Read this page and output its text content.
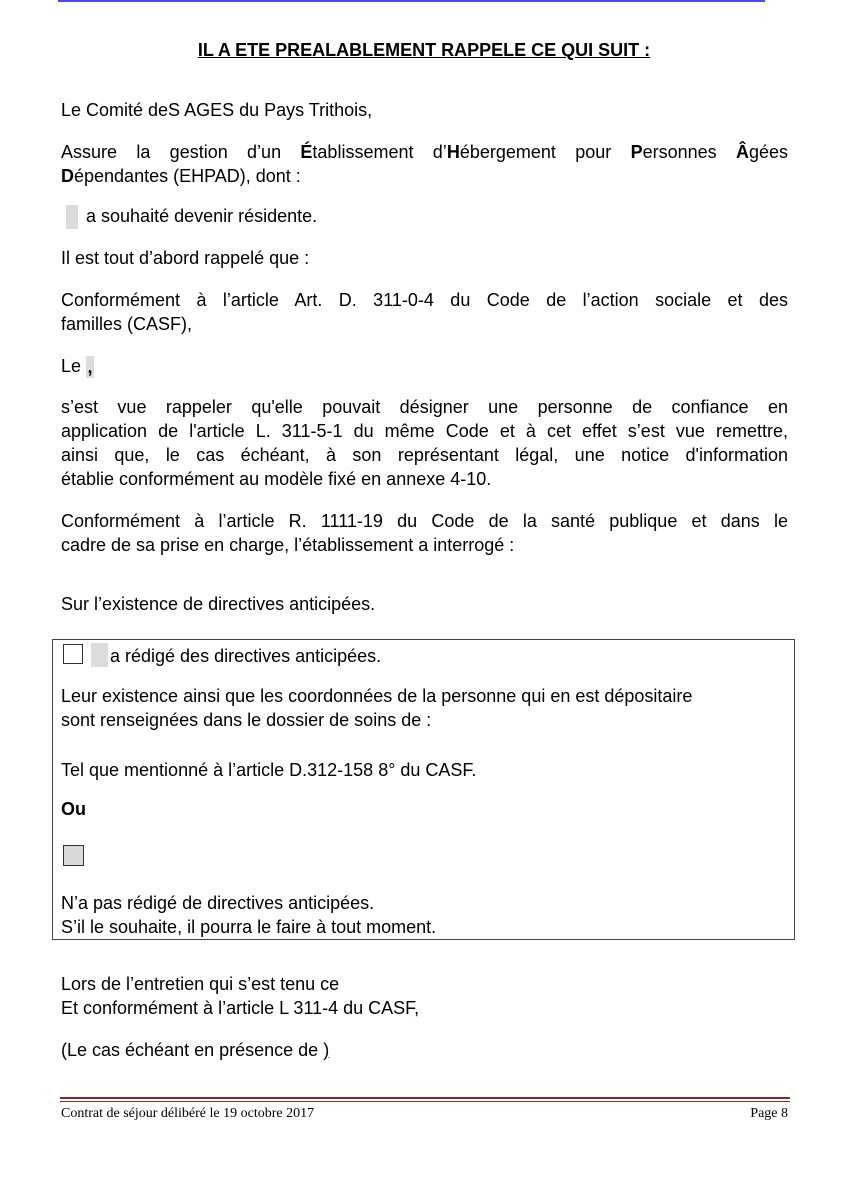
IL A ETE PREALABLEMENT RAPPELE CE QUI SUIT :
Le Comité deS AGES du Pays Trithois,
Assure la gestion d’un Établissement d’Hébergement pour Personnes Âgées
Dépendantes (EHPAD), dont :
a souhaité devenir résidente.
Il est tout d’abord rappelé que :
Conformément à l’article Art. D. 311-0-4 du Code de l’action sociale et des
familles (CASF),
Le ,
s’est vue rappeler qu'elle pouvait désigner une personne de confiance en
application de l'article L. 311-5-1 du même Code et à cet effet s’est vue remettre,
ainsi que, le cas échéant, à son représentant légal, une notice d'information
établie conformément au modèle fixé en annexe 4-10.
Conformément à l’article R. 1111-19 du Code de la santé publique et dans le
cadre de sa prise en charge, l’établissement a interrogé :
Sur l’existence de directives anticipées.
a rédigé des directives anticipées.
Leur existence ainsi que les coordonnées de la personne qui en est dépositaire
sont renseignées dans le dossier de soins de :
Tel que mentionné à l’article D.312-158 8° du CASF.
Ou
N’a pas rédigé de directives anticipées.
S’il le souhaite, il pourra le faire à tout moment.
Lors de l’entretien qui s’est tenu ce
Et conformément à l’article L 311-4 du CASF,
(Le cas échéant en présence de )
Contrat de séjour délibéré le 19 octobre 2017	Page 8
